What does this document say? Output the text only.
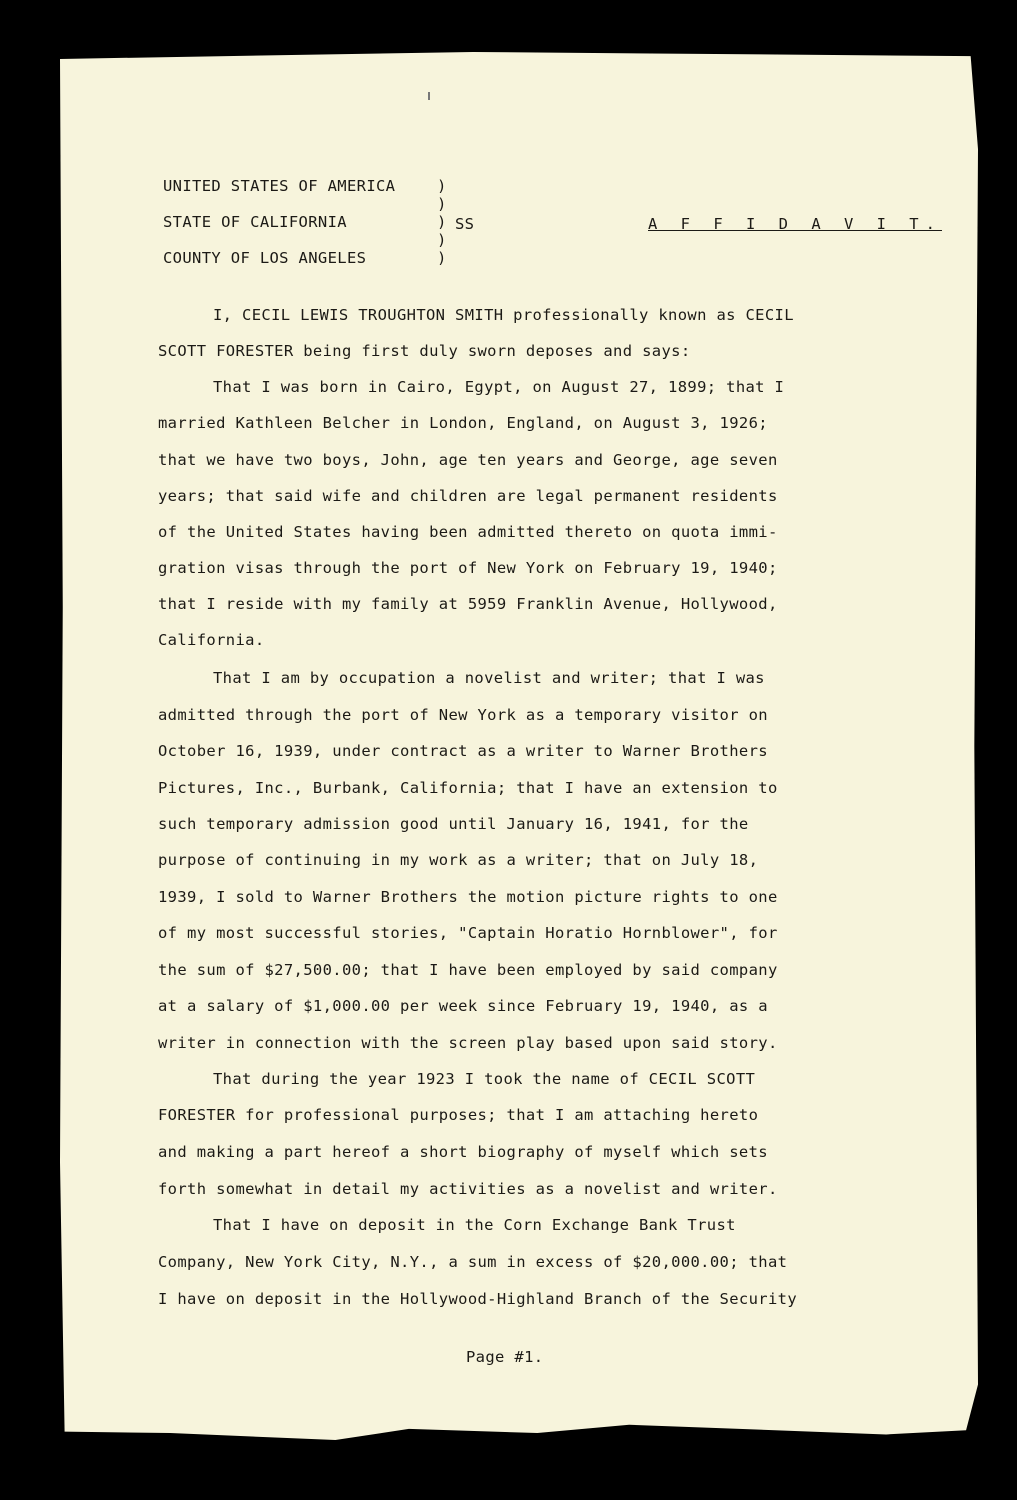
UNITED STATES OF AMERICA
STATE OF CALIFORNIA
COUNTY OF LOS ANGELES
)
)
)
)
)
SS	A F F I D A V I T.
I, CECIL LEWIS TROUGHTON SMITH professionally known as CECIL
SCOTT FORESTER being first duly sworn deposes and says:
That I was born in Cairo, Egypt, on August 27, 1899; that I
married Kathleen Belcher in London, England, on August 3, 1926;
that we have two boys, John, age ten years and George, age seven
years; that said wife and children are legal permanent residents
of the United States having been admitted thereto on quota immi-
gration visas through the port of New York on February 19, 1940;
that I reside with my family at 5959 Franklin Avenue, Hollywood,
California.
That I am by occupation a novelist and writer; that I was
admitted through the port of New York as a temporary visitor on
October 16, 1939, under contract as a writer to Warner Brothers
Pictures, Inc., Burbank, California; that I have an extension to
such temporary admission good until January 16, 1941, for the
purpose of continuing in my work as a writer; that on July 18,
1939, I sold to Warner Brothers the motion picture rights to one
of my most successful stories, "Captain Horatio Hornblower", for
the sum of $27,500.00; that I have been employed by said company
at a salary of $1,000.00 per week since February 19, 1940, as a
writer in connection with the screen play based upon said story.
That during the year 1923 I took the name of CECIL SCOTT
FORESTER for professional purposes; that I am attaching hereto
and making a part hereof a short biography of myself which sets
forth somewhat in detail my activities as a novelist and writer.
That I have on deposit in the Corn Exchange Bank Trust
Company, New York City, N.Y., a sum in excess of $20,000.00; that
I have on deposit in the Hollywood-Highland Branch of the Security
Page #1.
